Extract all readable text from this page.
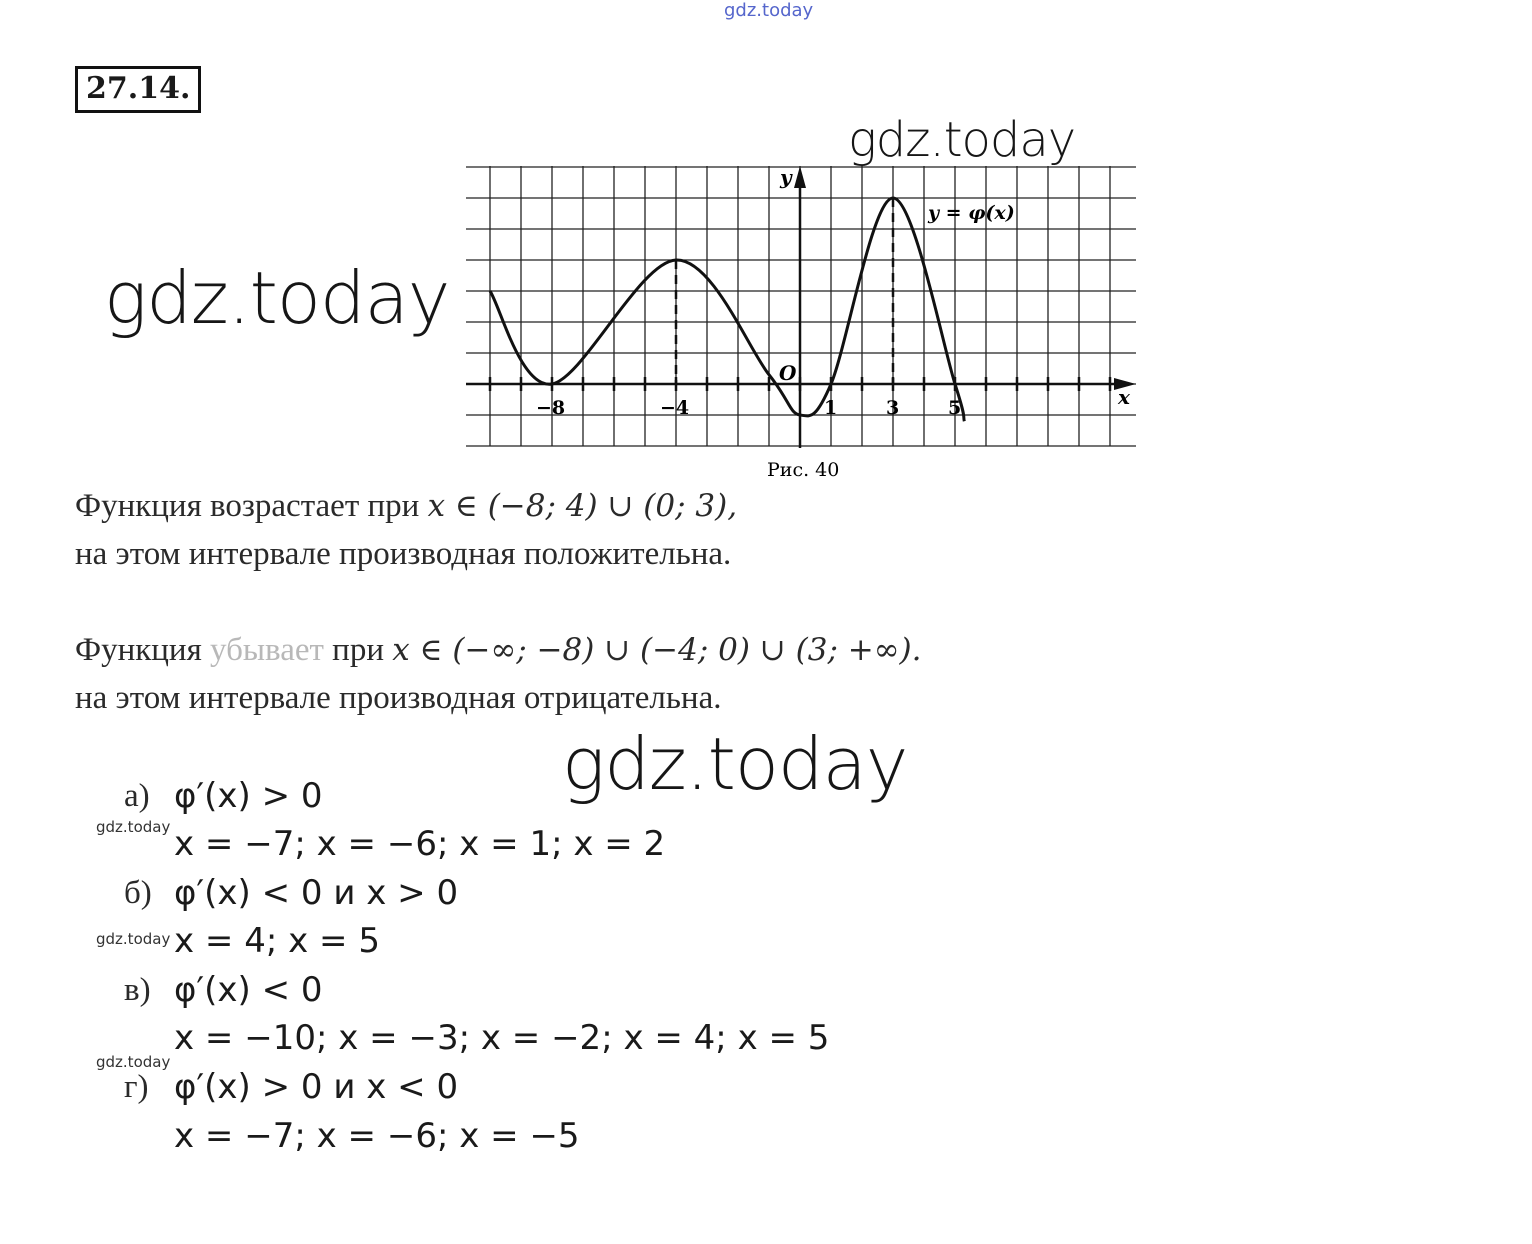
gdz.today
27.14.
gdz.today
y
x
O
y = φ(x)
−8	−4	1	3	5
Рис. 40
gdz.today
Функция возрастает при x ∈ (−8; 4) ∪ (0; 3),
на этом интервале производная положительна.
Функция убывает при x ∈ (−∞; −8) ∪ (−4; 0) ∪ (3; +∞).
на этом интервале производная отрицательна.
gdz.today
а) φ′(x) > 0
gdz.today x = −7; x = −6; x = 1; x = 2
б) φ′(x) < 0 и x > 0
gdz.today x = 4; x = 5
в) φ′(x) < 0
x = −10; x = −3; x = −2; x = 4; x = 5
gdz.today
г) φ′(x) > 0 и x < 0
x = −7; x = −6; x = −5
